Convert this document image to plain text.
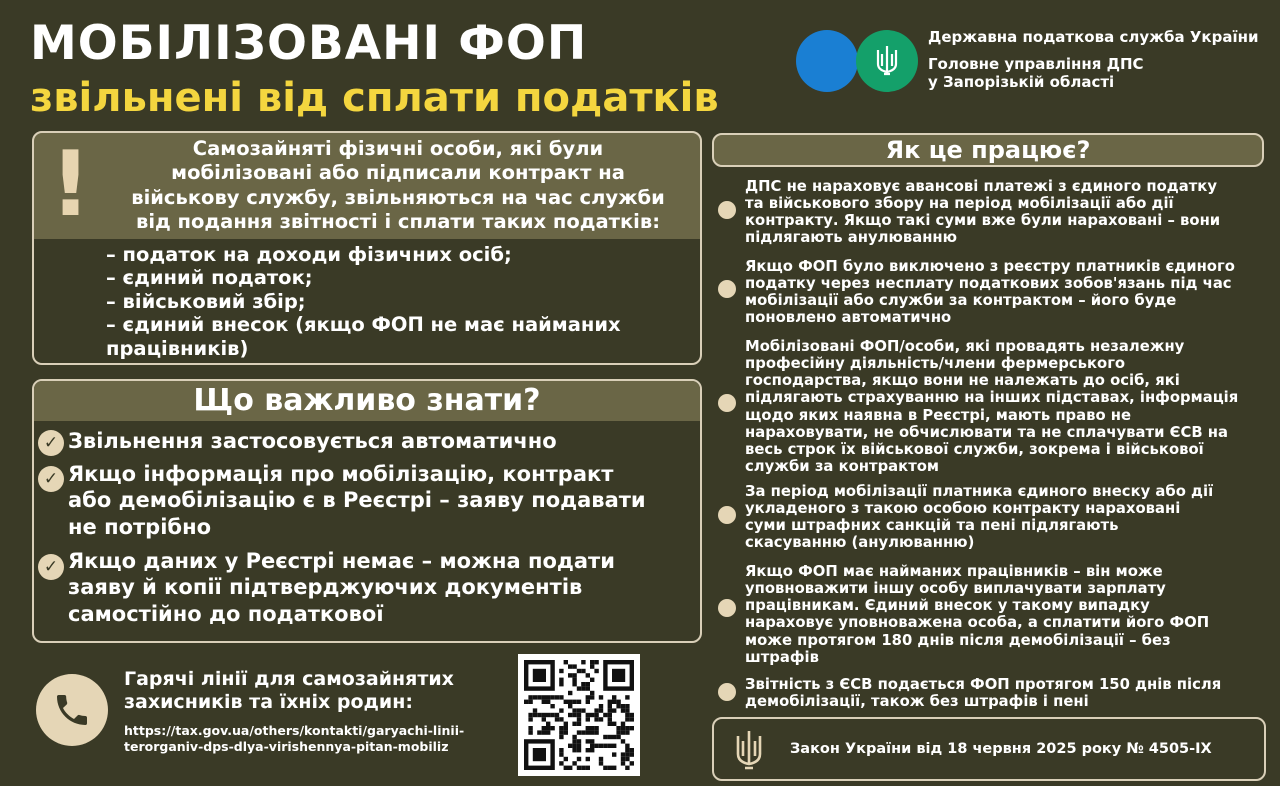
МОБІЛІЗОВАНІ ФОП
звільнені від сплати податків
Державна податкова служба України
Головне управління ДПС
у Запорізькій області
!	Самозайняті фізичні особи, які були
мобілізовані або підписали контракт на
військову службу, звільняються на час служби
від подання звітності і сплати таких податків:
– податок на доходи фізичних осіб;
– єдиний податок;
– військовий збір;
– єдиний внесок (якщо ФОП не має найманих
працівників)
Що важливо знати?
✓ Звільнення застосовується автоматично
✓ Якщо інформація про мобілізацію, контракт
або демобілізацію є в Реєстрі – заяву подавати
не потрібно
✓ Якщо даних у Реєстрі немає – можна подати
заяву й копії підтверджуючих документів
самостійно до податкової
Гарячі лінії для самозайнятих
захисників та їхніх родин:
https://tax.gov.ua/others/kontakti/garyachi-linii-
terorganiv-dps-dlya-virishennya-pitan-mobiliz
Як це працює?
ДПС не нараховує авансові платежі з єдиного податку
та військового збору на період мобілізації або дії
контракту. Якщо такі суми вже були нараховані – вони
підлягають анулюванню
Якщо ФОП було виключено з реєстру платників єдиного
податку через несплату податкових зобов'язань під час
мобілізації або служби за контрактом – його буде
поновлено автоматично
Мобілізовані ФОП/особи, які провадять незалежну
професійну діяльність/члени фермерського
господарства, якщо вони не належать до осіб, які
підлягають страхуванню на інших підставах, інформація
щодо яких наявна в Реєстрі, мають право не
нараховувати, не обчислювати та не сплачувати ЄСВ на
весь строк їх військової служби, зокрема і військової
служби за контрактом
За період мобілізації платника єдиного внеску або дії
укладеного з такою особою контракту нараховані
суми штрафних санкцій та пені підлягають
скасуванню (анулюванню)
Якщо ФОП має найманих працівників – він може
уповноважити іншу особу виплачувати зарплату
працівникам. Єдиний внесок у такому випадку
нараховує уповноважена особа, а сплатити його ФОП
може протягом 180 днів після демобілізації – без
штрафів
Звітність з ЄСВ подається ФОП протягом 150 днів після
демобілізації, також без штрафів і пені
Закон України від 18 червня 2025 року № 4505-IX
